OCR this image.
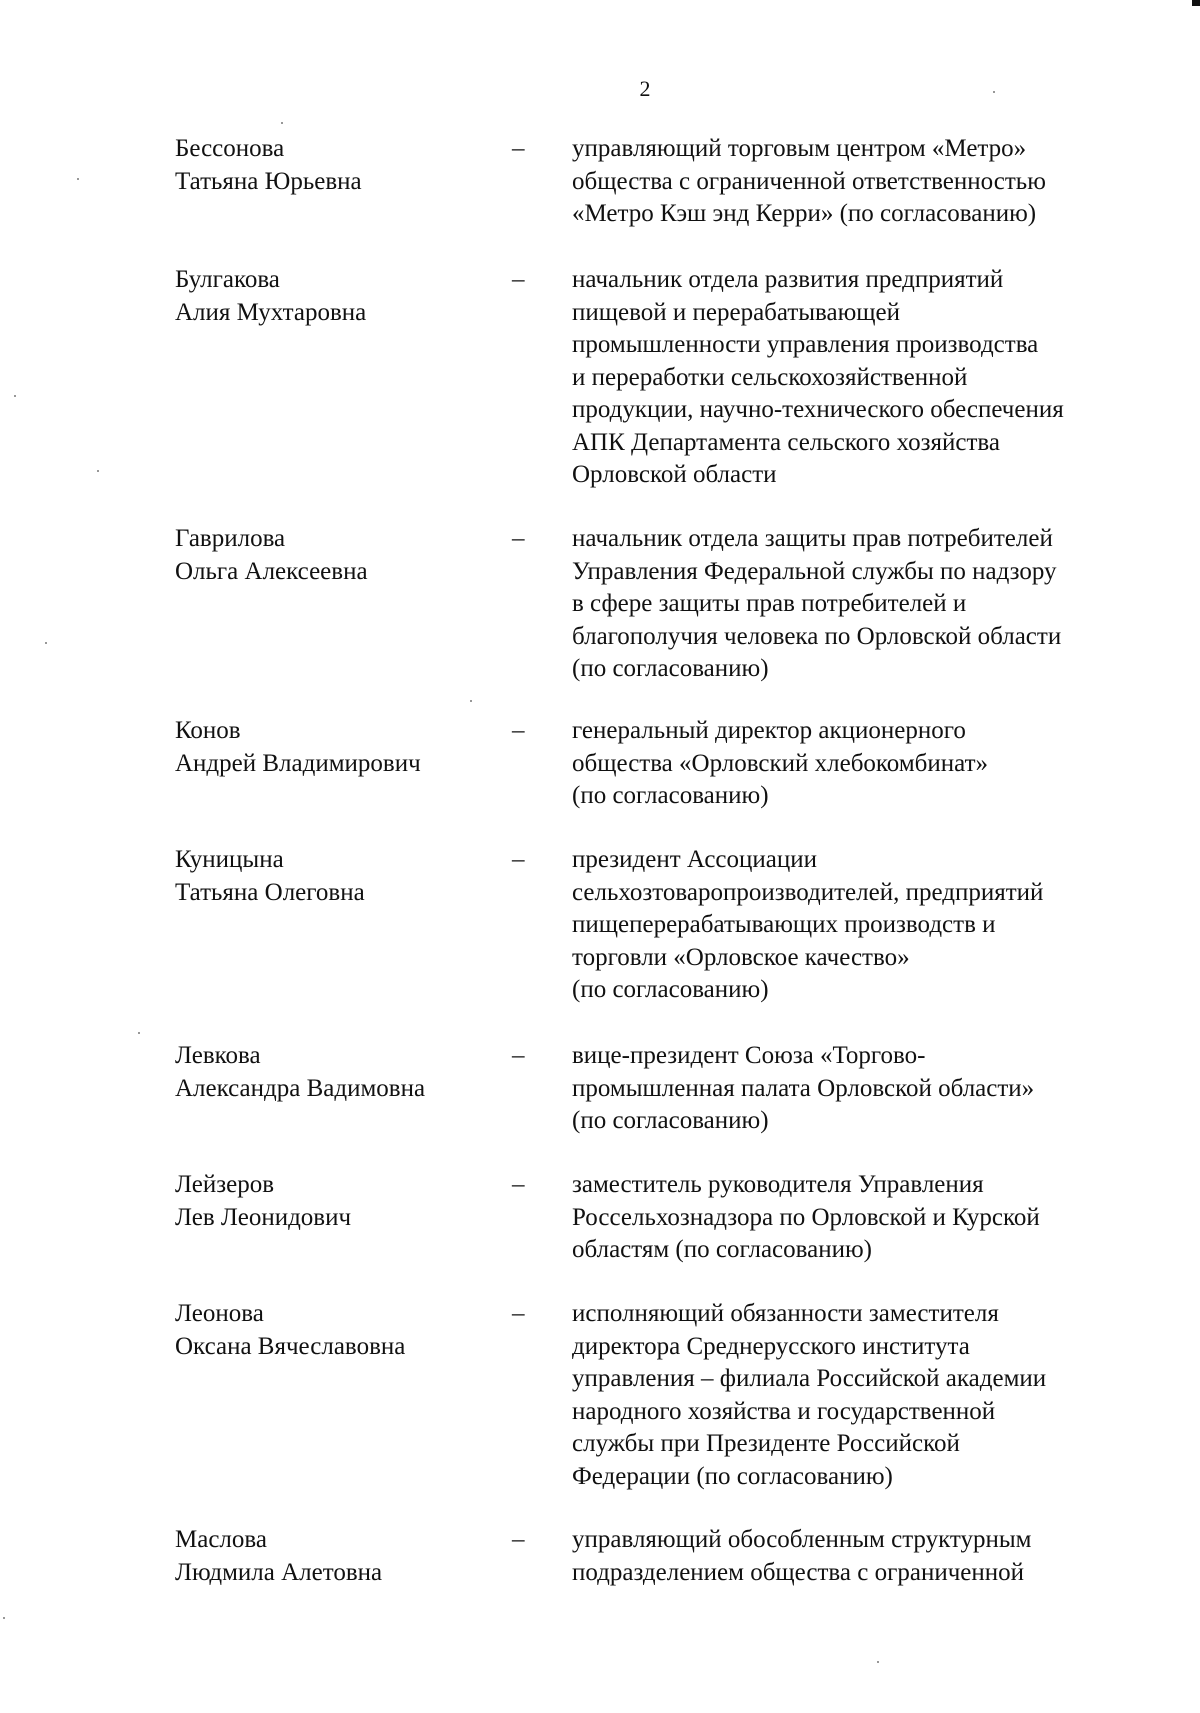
2
Бессонова
Татьяна Юрьевна
– управляющий торговым центром «Метро»
общества с ограниченной ответственностью
«Метро Кэш энд Керри» (по согласованию)
Булгакова
Алия Мухтаровна
– начальник отдела развития предприятий
пищевой и перерабатывающей
промышленности управления производства
и переработки сельскохозяйственной
продукции, научно-технического обеспечения
АПК Департамента сельского хозяйства
Орловской области
Гаврилова
Ольга Алексеевна
– начальник отдела защиты прав потребителей
Управления Федеральной службы по надзору
в сфере защиты прав потребителей и
благополучия человека по Орловской области
(по согласованию)
Конов
Андрей Владимирович
– генеральный директор акционерного
общества «Орловский хлебокомбинат»
(по согласованию)
Куницына
Татьяна Олеговна
– президент Ассоциации
сельхозтоваропроизводителей, предприятий
пищеперерабатывающих производств и
торговли «Орловское качество»
(по согласованию)
Левкова
Александра Вадимовна
– вице-президент Союза «Торгово-
промышленная палата Орловской области»
(по согласованию)
Лейзеров
Лев Леонидович
– заместитель руководителя Управления
Россельхознадзора по Орловской и Курской
областям (по согласованию)
Леонова
Оксана Вячеславовна
– исполняющий обязанности заместителя
директора Среднерусского института
управления – филиала Российской академии
народного хозяйства и государственной
службы при Президенте Российской
Федерации (по согласованию)
Маслова
Людмила Алетовна
– управляющий обособленным структурным
подразделением общества с ограниченной
